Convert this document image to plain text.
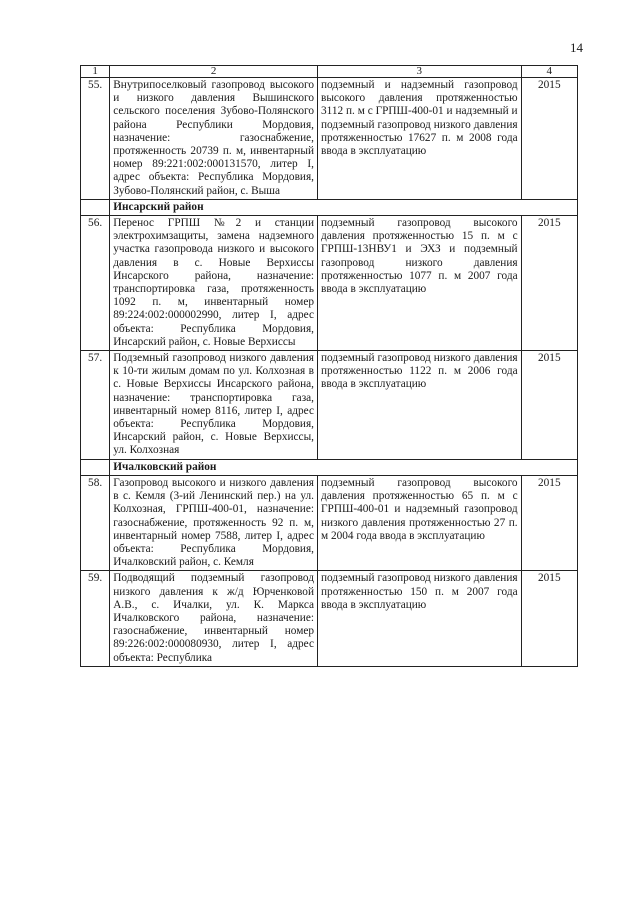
14
1	2	3	4
55.	Внутрипоселковый газопровод высокого и низкого давления Вышинского сельского поселения Зубово-Полянского района Республики Мордовия, назначение: газоснабжение, протяженность 20739 п. м, инвентарный номер 89:221:002:000131570, литер I, адрес объекта: Республика Мордовия, Зубово-Полянский район, с. Выша	подземный и надземный газопровод высокого давления протяженностью 3112 п. м с ГРПШ-400-01 и надземный и подземный газопровод низкого давления протяженностью 17627 п. м 2008 года ввода в эксплуатацию	2015
	Инсарский район		
56.	Перенос ГРПШ №2 и станции электрохимзащиты, замена надземного участка газопровода низкого и высокого давления в с. Новые Верхиссы Инсарского района, назначение: транспортировка газа, протяженность 1092 п. м, инвентарный номер 89:224:002:000002990, литер I, адрес объекта: Республика Мордовия, Инсарский район, с. Новые Верхиссы	подземный газопровод высокого давления протяженностью 15 п. м с ГРПШ-13НВУ1 и ЭХЗ и подземный газопровод низкого давления протяженностью 1077 п. м 2007 года ввода в эксплуатацию	2015
57.	Подземный газопровод низкого давления к 10-ти жилым домам по ул. Колхозная в с. Новые Верхиссы Инсарского района, назначение: транспортировка газа, инвентарный номер 8116, литер I, адрес объекта: Республика Мордовия, Инсарский район, с. Новые Верхиссы, ул. Колхозная	подземный газопровод низкого давления протяженностью 1122 п. м 2006 года ввода в эксплуатацию	2015
	Ичалковский район		
58.	Газопровод высокого и низкого давления в с. Кемля (3-ий Ленинский пер.) на ул. Колхозная, ГРПШ-400-01, назначение: газоснабжение, протяженность 92 п. м, инвентарный номер 7588, литер I, адрес объекта: Республика Мордовия, Ичалковский район, с. Кемля	подземный газопровод высокого давления протяженностью 65 п. м с ГРПШ-400-01 и надземный газопровод низкого давления протяженностью 27 п. м 2004 года ввода в эксплуатацию	2015
59.	Подводящий подземный газопровод низкого давления к ж/д Юрченковой А.В., с. Ичалки, ул. К. Маркса Ичалковского района, назначение: газоснабжение, инвентарный номер 89:226:002:000080930, литер I, адрес объекта: Республика	подземный газопровод низкого давления протяженностью 150 п. м 2007 года ввода в эксплуатацию	2015
